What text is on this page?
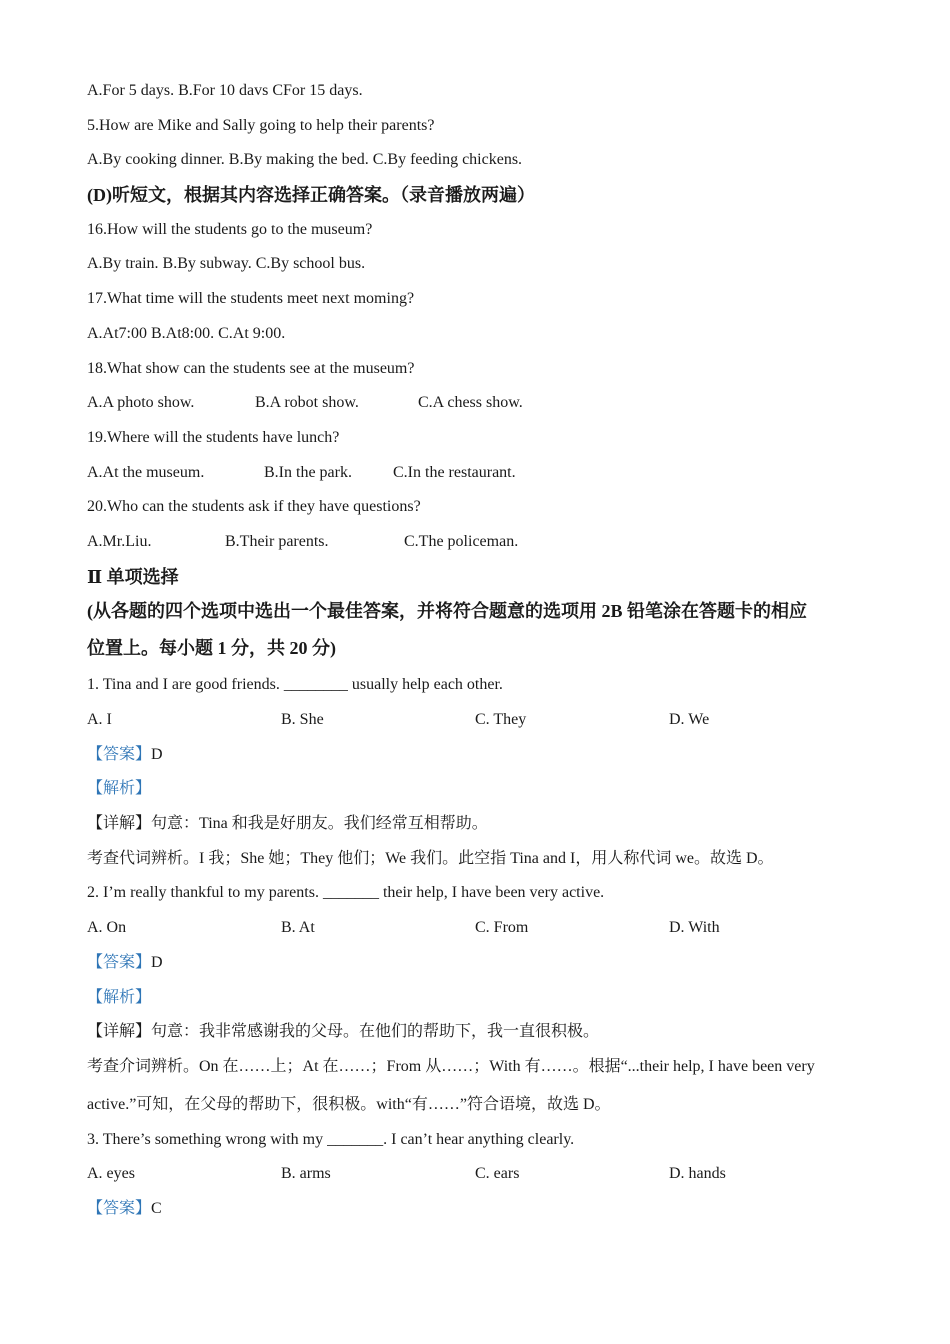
A.For 5 days. B.For 10 davs CFor 15 days.
5.How are Mike and Sally going to help their parents?
A.By cooking dinner. B.By making the bed. C.By feeding chickens.
(D)听短文，根据其内容选择正确答案。（录音播放两遍）
16.How will the students go to the museum?
A.By train. B.By subway. C.By school bus.
17.What time will the students meet next moming?
A.At7:00 B.At8:00. C.At 9:00.
18.What show can the students see at the museum?
A.A photo show.	B.A robot show.	C.A chess show.
19.Where will the students have lunch?
A.At the museum.	B.In the park.	C.In the restaurant.
20.Who can the students ask if they have questions?
A.Mr.Liu.	B.Their parents.	C.The policeman.
Ⅱ 单项选择
(从各题的四个选项中选出一个最佳答案，并将符合题意的选项用 2B 铅笔涂在答题卡的相应
位置上。每小题 1 分，共 20 分)
1. Tina and I are good friends. ________ usually help each other.
A. I	B. She	C. They	D. We
【答案】D
【解析】
【详解】句意：Tina 和我是好朋友。我们经常互相帮助。
考查代词辨析。I 我；She 她；They 他们；We 我们。此空指 Tina and I，用人称代词 we。故选 D。
2. I’m really thankful to my parents. _______ their help, I have been very active.
A. On	B. At	C. From	D. With
【答案】D
【解析】
【详解】句意：我非常感谢我的父母。在他们的帮助下，我一直很积极。
考查介词辨析。On 在……上；At 在……；From 从……；With 有……。根据“...their help, I have been very
active.”可知，在父母的帮助下，很积极。with“有……”符合语境，故选 D。
3. There’s something wrong with my _______. I can’t hear anything clearly.
A. eyes	B. arms	C. ears	D. hands
【答案】C
